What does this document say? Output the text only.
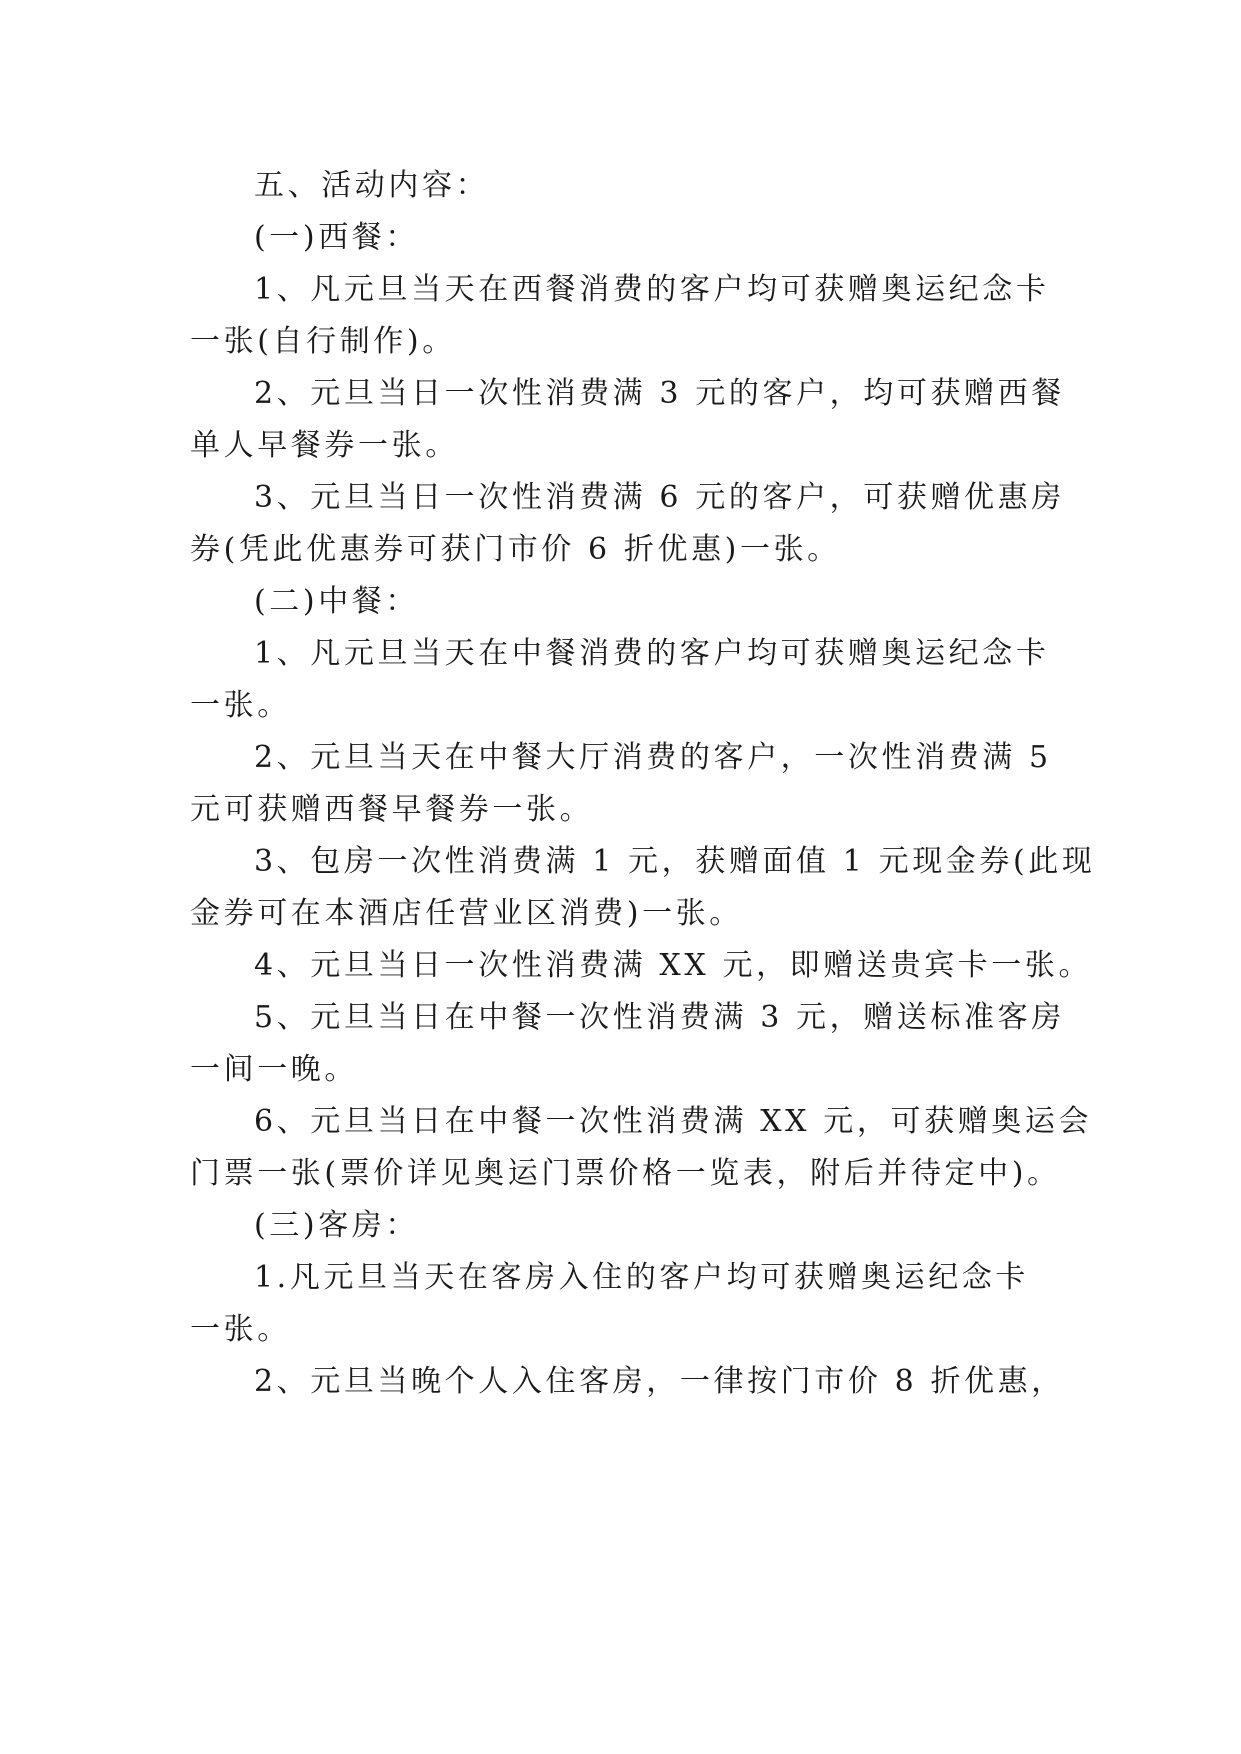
五、活动内容：
(一)西餐：
1、凡元旦当天在西餐消费的客户均可获赠奥运纪念卡
一张(自行制作)。
2、元旦当日一次性消费满 3 元的客户，均可获赠西餐
单人早餐券一张。
3、元旦当日一次性消费满 6 元的客户，可获赠优惠房
券(凭此优惠券可获门市价 6 折优惠)一张。
(二)中餐：
1、凡元旦当天在中餐消费的客户均可获赠奥运纪念卡
一张。
2、元旦当天在中餐大厅消费的客户，一次性消费满 5
元可获赠西餐早餐券一张。
3、包房一次性消费满 1 元，获赠面值 1 元现金券(此现
金券可在本酒店任营业区消费)一张。
4、元旦当日一次性消费满 XX 元，即赠送贵宾卡一张。
5、元旦当日在中餐一次性消费满 3 元，赠送标准客房
一间一晚。
6、元旦当日在中餐一次性消费满 XX 元，可获赠奥运会
门票一张(票价详见奥运门票价格一览表，附后并待定中)。
(三)客房：
1.凡元旦当天在客房入住的客户均可获赠奥运纪念卡
一张。
2、元旦当晚个人入住客房，一律按门市价 8 折优惠，
